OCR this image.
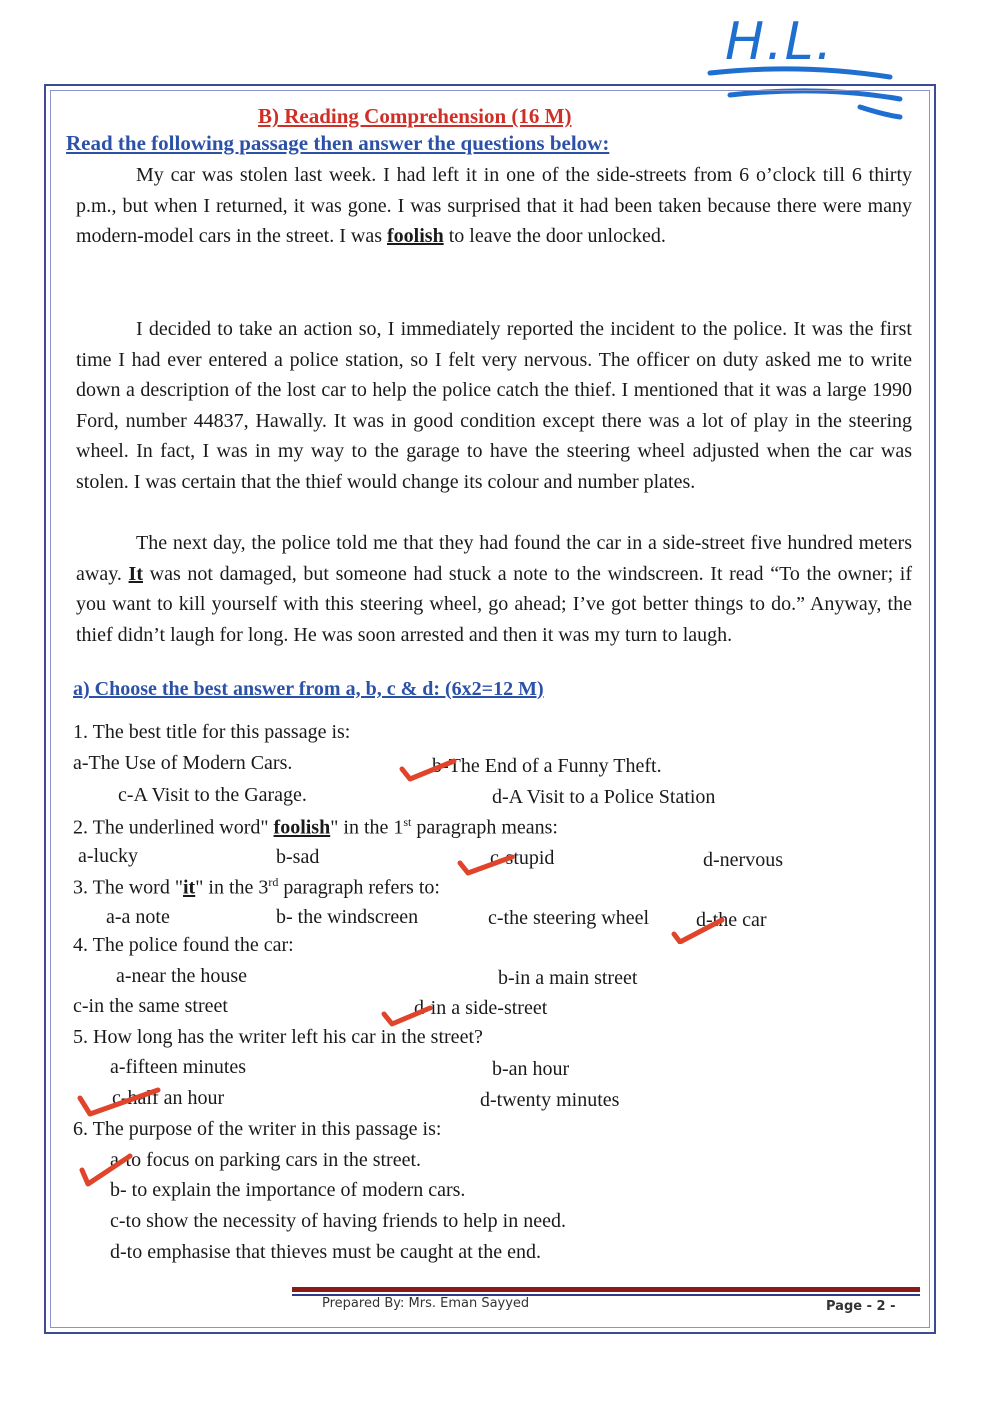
H.L.
B) Reading Comprehension (16 M)
Read the following passage then answer the questions below:

My car was stolen last week. I had left it in one of the side-streets from 6 o’clock till 6 thirty p.m., but when I returned, it was gone. I was surprised that it had been taken because there were many modern-model cars in the street. I was foolish to leave the door unlocked.

I decided to take an action so, I immediately reported the incident to the police. It was the first time I had ever entered a police station, so I felt very nervous. The officer on duty asked me to write down a description of the lost car to help the police catch the thief. I mentioned that it was a large 1990 Ford, number 44837, Hawally. It was in good condition except there was a lot of play in the steering wheel. In fact, I was in my way to the garage to have the steering wheel adjusted when the car was stolen. I was certain that the thief would change its colour and number plates.

The next day, the police told me that they had found the car in a side-street five hundred meters away. It was not damaged, but someone had stuck a note to the windscreen. It read “To the owner; if you want to kill yourself with this steering wheel, go ahead; I’ve got better things to do.” Anyway, the thief didn’t laugh for long. He was soon arrested and then it was my turn to laugh.

a) Choose the best answer from a, b, c & d: (6x2=12 M)
1. The best title for this passage is:
a-The Use of Modern Cars.	b-The End of a Funny Theft.
c-A Visit to the Garage.	d-A Visit to a Police Station
2. The underlined word" foolish" in the 1st paragraph means:
a-lucky	b-sad	c-stupid	d-nervous
3. The word "it" in the 3rd paragraph refers to:
a-a note	b- the windscreen	c-the steering wheel d-the car
4. The police found the car:
a-near the house	b-in a main street
c-in the same street	d-in a side-street
5. How long has the writer left his car in the street?
a-fifteen minutes	b-an hour
c-half an hour	d-twenty minutes
6. The purpose of the writer in this passage is:
a-to focus on parking cars in the street.
b- to explain the importance of modern cars.
c-to show the necessity of having friends to help in need.
d-to emphasise that thieves must be caught at the end.
Prepared By: Mrs. Eman Sayyed	Page - 2 -
